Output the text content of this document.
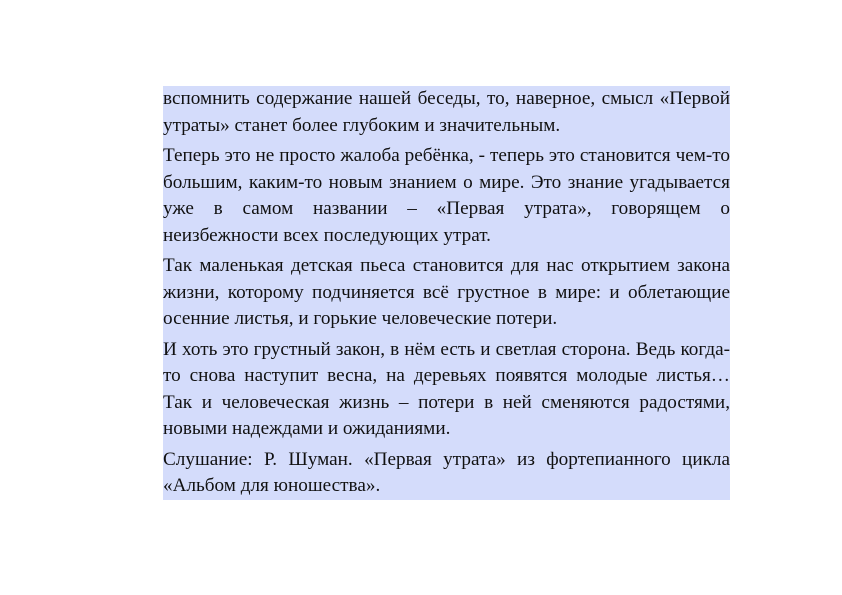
вспомнить содержание нашей беседы, то, наверное, смысл «Первой утраты» станет более глубоким и значительным.

Теперь это не просто жалоба ребёнка, - теперь это становится чем-то большим, каким-то новым знанием о мире. Это знание угадывается уже в самом названии – «Первая утрата», говорящем о неизбежности всех последующих утрат.

Так маленькая детская пьеса становится для нас открытием закона жизни, которому подчиняется всё грустное в мире: и облетающие осенние листья, и горькие человеческие потери.

И хоть это грустный закон, в нём есть и светлая сторона. Ведь когда-то снова наступит весна, на деревьях появятся молодые листья… Так и человеческая жизнь – потери в ней сменяются радостями, новыми надеждами и ожиданиями.

Слушание: Р. Шуман. «Первая утрата» из фортепианного цикла «Альбом для юношества».
